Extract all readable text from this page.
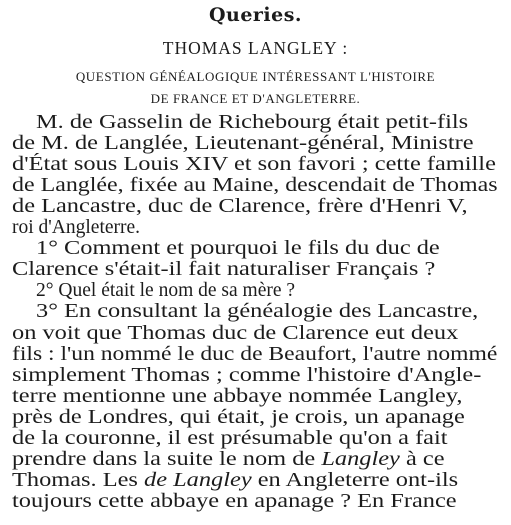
Queries.
THOMAS LANGLEY :
QUESTION GÉNÉALOGIQUE INTÉRESSANT L'HISTOIRE
DE FRANCE ET D'ANGLETERRE.
M. de Gasselin de Richebourg était petit-fils
de M. de Langlée, Lieutenant-général, Ministre
d'État sous Louis XIV et son favori ; cette famille
de Langlée, fixée au Maine, descendait de Thomas
de Lancastre, duc de Clarence, frère d'Henri V,
roi d'Angleterre.
1° Comment et pourquoi le fils du duc de
Clarence s'était-il fait naturaliser Français ?
2° Quel était le nom de sa mère ?
3° En consultant la généalogie des Lancastre,
on voit que Thomas duc de Clarence eut deux
fils : l'un nommé le duc de Beaufort, l'autre nommé
simplement Thomas ; comme l'histoire d'Angle-
terre mentionne une abbaye nommée Langley,
près de Londres, qui était, je crois, un apanage
de la couronne, il est présumable qu'on a fait
prendre dans la suite le nom de Langley à ce
Thomas. Les de Langley en Angleterre ont-ils
toujours cette abbaye en apanage ? En France
